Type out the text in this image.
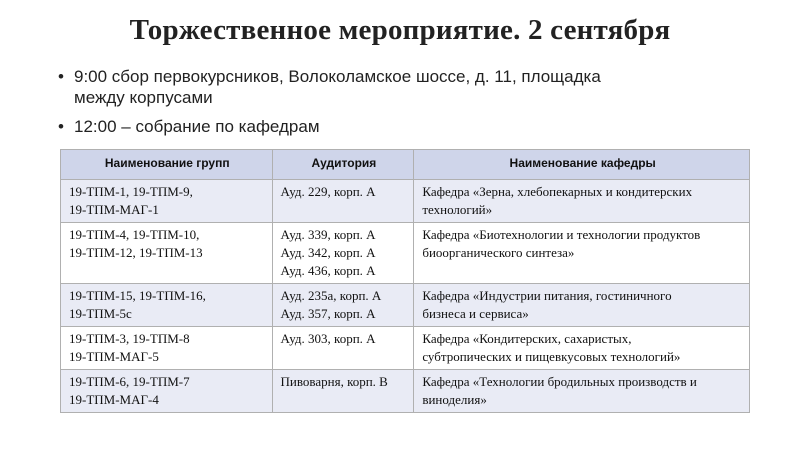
Торжественное мероприятие. 2 сентября
• 9:00 сбор первокурсников, Волоколамское шоссе, д. 11, площадка
между корпусами
• 12:00 – собрание по кафедрам
Наименование групп	Аудитория	Наименование кафедры

19-ТПМ-1, 19-ТПМ-9,
19-ТПМ-МАГ-1	Ауд. 229, корп. А	Кафедра «Зерна, хлебопекарных и кондитерских
технологий»

19-ТПМ-4, 19-ТПМ-10,
19-ТПМ-12, 19-ТПМ-13	Ауд. 339, корп. А
Ауд. 342, корп. А
Ауд. 436, корп. А	Кафедра «Биотехнологии и технологии продуктов
биоорганического синтеза»

19-ТПМ-15, 19-ТПМ-16,
19-ТПМ-5с	Ауд. 235а, корп. А
Ауд. 357, корп. А	Кафедра «Индустрии питания, гостиничного
бизнеса и сервиса»

19-ТПМ-3, 19-ТПМ-8
19-ТПМ-МАГ-5	Ауд. 303, корп. А	Кафедра «Кондитерских, сахаристых,
субтропических и пищевкусовых технологий»

19-ТПМ-6, 19-ТПМ-7
19-ТПМ-МАГ-4	Пивоварня, корп. В	Кафедра «Технологии бродильных производств и
виноделия»
